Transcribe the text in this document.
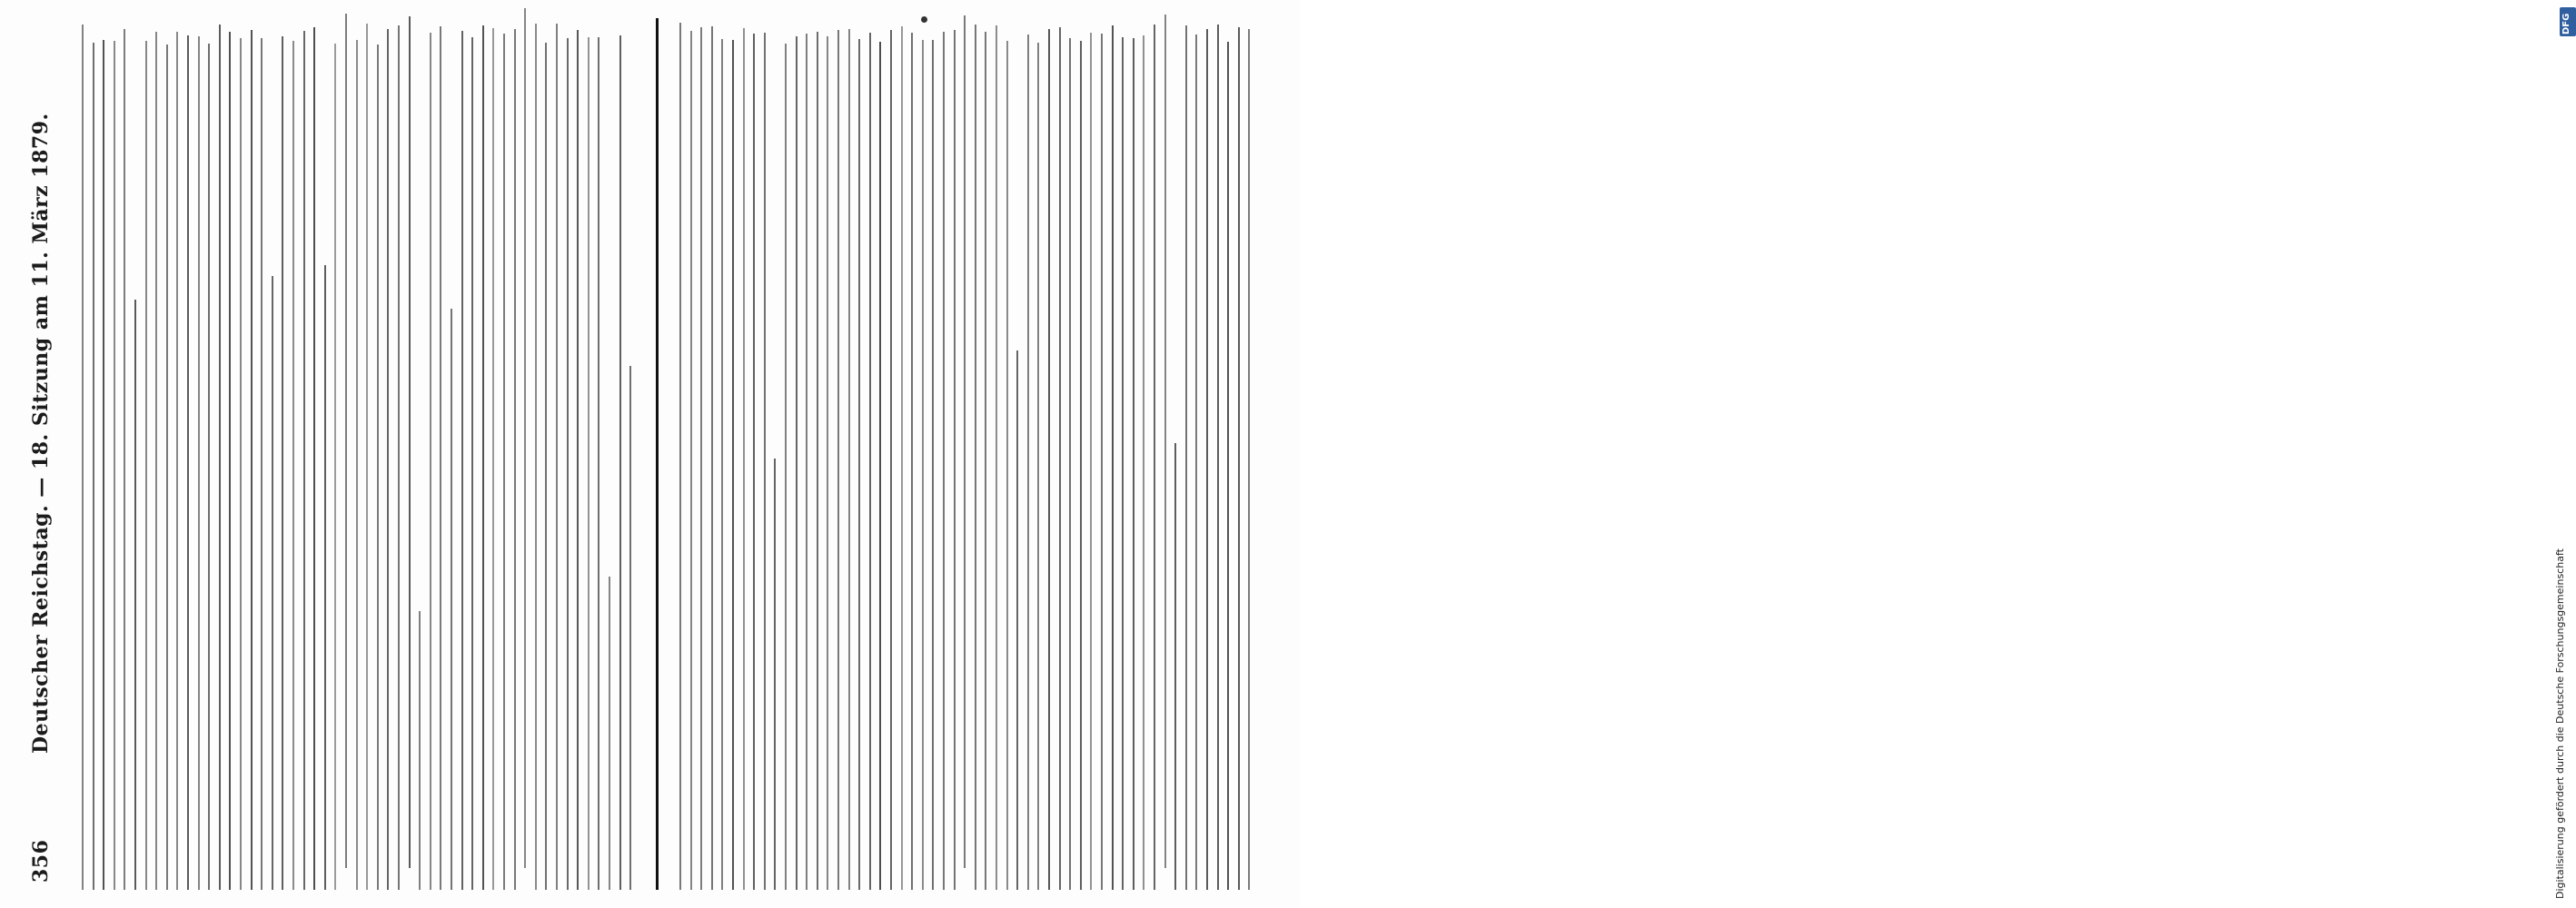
356
Deutscher Reichstag. — 18. Sitzung am 11. März 1879.
DFG
Digitalisierung gefördert durch die Deutsche Forschungsgemeinschaft
